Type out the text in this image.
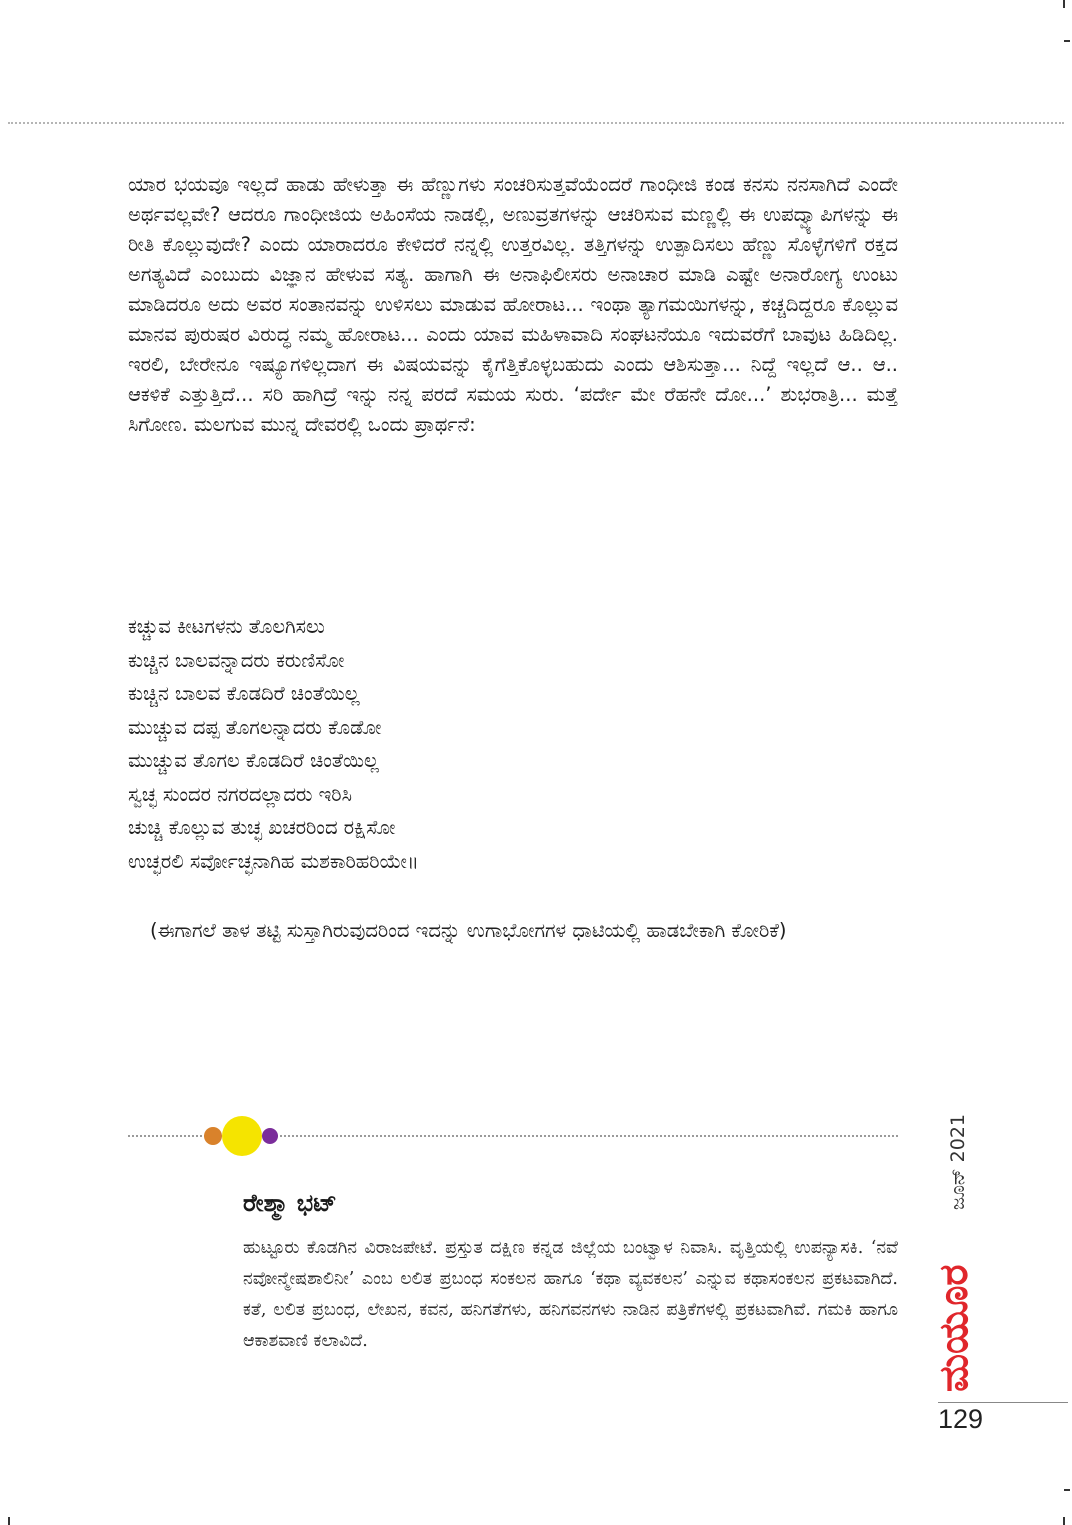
ಯಾರ ಭಯವೂ ಇಲ್ಲದೆ ಹಾಡು ಹೇಳುತ್ತಾ ಈ ಹೆಣ್ಣುಗಳು ಸಂಚರಿಸುತ್ತವೆಯೆಂದರೆ ಗಾಂಧೀಜಿ ಕಂಡ ಕನಸು ನನಸಾಗಿದೆ ಎಂದೇ ಅರ್ಥವಲ್ಲವೇ? ಆದರೂ ಗಾಂಧೀಜಿಯ ಅಹಿಂಸೆಯ ನಾಡಲ್ಲಿ, ಅಣುವ್ರತಗಳನ್ನು ಆಚರಿಸುವ ಮಣ್ಣಲ್ಲಿ ಈ ಉಪದ್ವ್ಯಾಪಿಗಳನ್ನು ಈ ರೀತಿ ಕೊಲ್ಲುವುದೇ? ಎಂದು ಯಾರಾದರೂ ಕೇಳಿದರೆ ನನ್ನಲ್ಲಿ ಉತ್ತರವಿಲ್ಲ. ತತ್ತಿಗಳನ್ನು ಉತ್ಪಾದಿಸಲು ಹೆಣ್ಣು ಸೊಳ್ಳೆಗಳಿಗೆ ರಕ್ತದ ಅಗತ್ಯವಿದೆ ಎಂಬುದು ವಿಜ್ಞಾನ ಹೇಳುವ ಸತ್ಯ. ಹಾಗಾಗಿ ಈ ಅನಾಫಿಲೀಸರು ಅನಾಚಾರ ಮಾಡಿ ಎಷ್ಟೇ ಅನಾರೋಗ್ಯ ಉಂಟು ಮಾಡಿದರೂ ಅದು ಅವರ ಸಂತಾನವನ್ನು ಉಳಿಸಲು ಮಾಡುವ ಹೋರಾಟ... ಇಂಥಾ ತ್ಯಾಗಮಯಿಗಳನ್ನು, ಕಚ್ಚದಿದ್ದರೂ ಕೊಲ್ಲುವ ಮಾನವ ಪುರುಷರ ವಿರುದ್ಧ ನಮ್ಮ ಹೋರಾಟ... ಎಂದು ಯಾವ ಮಹಿಳಾವಾದಿ ಸಂಘಟನೆಯೂ ಇದುವರೆಗೆ ಬಾವುಟ ಹಿಡಿದಿಲ್ಲ. ಇರಲಿ, ಬೇರೇನೂ ಇಷ್ಯೂಗಳಿಲ್ಲದಾಗ ಈ ವಿಷಯವನ್ನು ಕೈಗೆತ್ತಿಕೊಳ್ಳಬಹುದು ಎಂದು ಆಶಿಸುತ್ತಾ... ನಿದ್ದೆ ಇಲ್ಲದೆ ಆ.. ಆ.. ಆಕಳಿಕೆ ಎತ್ತುತ್ತಿದೆ... ಸರಿ ಹಾಗಿದ್ರೆ ಇನ್ನು ನನ್ನ ಪರದೆ ಸಮಯ ಸುರು. ‘ಪರ್ದೇ ಮೇ ರೆಹನೇ ದೋ...’ ಶುಭರಾತ್ರಿ... ಮತ್ತೆ ಸಿಗೋಣ. ಮಲಗುವ ಮುನ್ನ ದೇವರಲ್ಲಿ ಒಂದು ಪ್ರಾರ್ಥನೆ:

ಕಚ್ಚುವ ಕೀಟಗಳನು ತೊಲಗಿಸಲು
ಕುಚ್ಚಿನ ಬಾಲವನ್ನಾದರು ಕರುಣಿಸೋ
ಕುಚ್ಚಿನ ಬಾಲವ ಕೊಡದಿರೆ ಚಿಂತೆಯಿಲ್ಲ
ಮುಚ್ಚುವ ದಪ್ಪ ತೊಗಲನ್ನಾದರು ಕೊಡೋ
ಮುಚ್ಚುವ ತೊಗಲ ಕೊಡದಿರೆ ಚಿಂತೆಯಿಲ್ಲ
ಸ್ವಚ್ಛ ಸುಂದರ ನಗರದಲ್ಲಾದರು ಇರಿಸಿ
ಚುಚ್ಚಿ ಕೊಲ್ಲುವ ತುಚ್ಛ ಖಚರರಿಂದ ರಕ್ಷಿಸೋ
ಉಚ್ಛರಲಿ ಸರ್ವೋಚ್ಛನಾಗಿಹ ಮಶಕಾರಿಹರಿಯೇ॥

(ಈಗಾಗಲೆ ತಾಳ ತಟ್ಟಿ ಸುಸ್ತಾಗಿರುವುದರಿಂದ ಇದನ್ನು ಉಗಾಭೋಗಗಳ ಧಾಟಿಯಲ್ಲಿ ಹಾಡಬೇಕಾಗಿ ಕೋರಿಕೆ)

ರೇಶ್ಮಾ ಭಟ್

ಹುಟ್ಟೂರು ಕೊಡಗಿನ ವಿರಾಜಪೇಟೆ. ಪ್ರಸ್ತುತ ದಕ್ಷಿಣ ಕನ್ನಡ ಜಿಲ್ಲೆಯ ಬಂಟ್ವಾಳ ನಿವಾಸಿ. ವೃತ್ತಿಯಲ್ಲಿ ಉಪನ್ಯಾಸಕಿ. ‘ನವೆ ನವೋನ್ಮೇಷಶಾಲಿನೀ’ ಎಂಬ ಲಲಿತ ಪ್ರಬಂಧ ಸಂಕಲನ ಹಾಗೂ ‘ಕಥಾ ವ್ಯವಕಲನ’ ಎನ್ನುವ ಕಥಾಸಂಕಲನ ಪ್ರಕಟವಾಗಿದೆ. ಕತೆ, ಲಲಿತ ಪ್ರಬಂಧ, ಲೇಖನ, ಕವನ, ಹನಿಗತೆಗಳು, ಹನಿಗವನಗಳು ನಾಡಿನ ಪತ್ರಿಕೆಗಳಲ್ಲಿ ಪ್ರಕಟವಾಗಿವೆ. ಗಮಕಿ ಹಾಗೂ ಆಕಾಶವಾಣಿ ಕಲಾವಿದೆ.

ಜೂನ್ 2021
ಮಯೂರ
129
